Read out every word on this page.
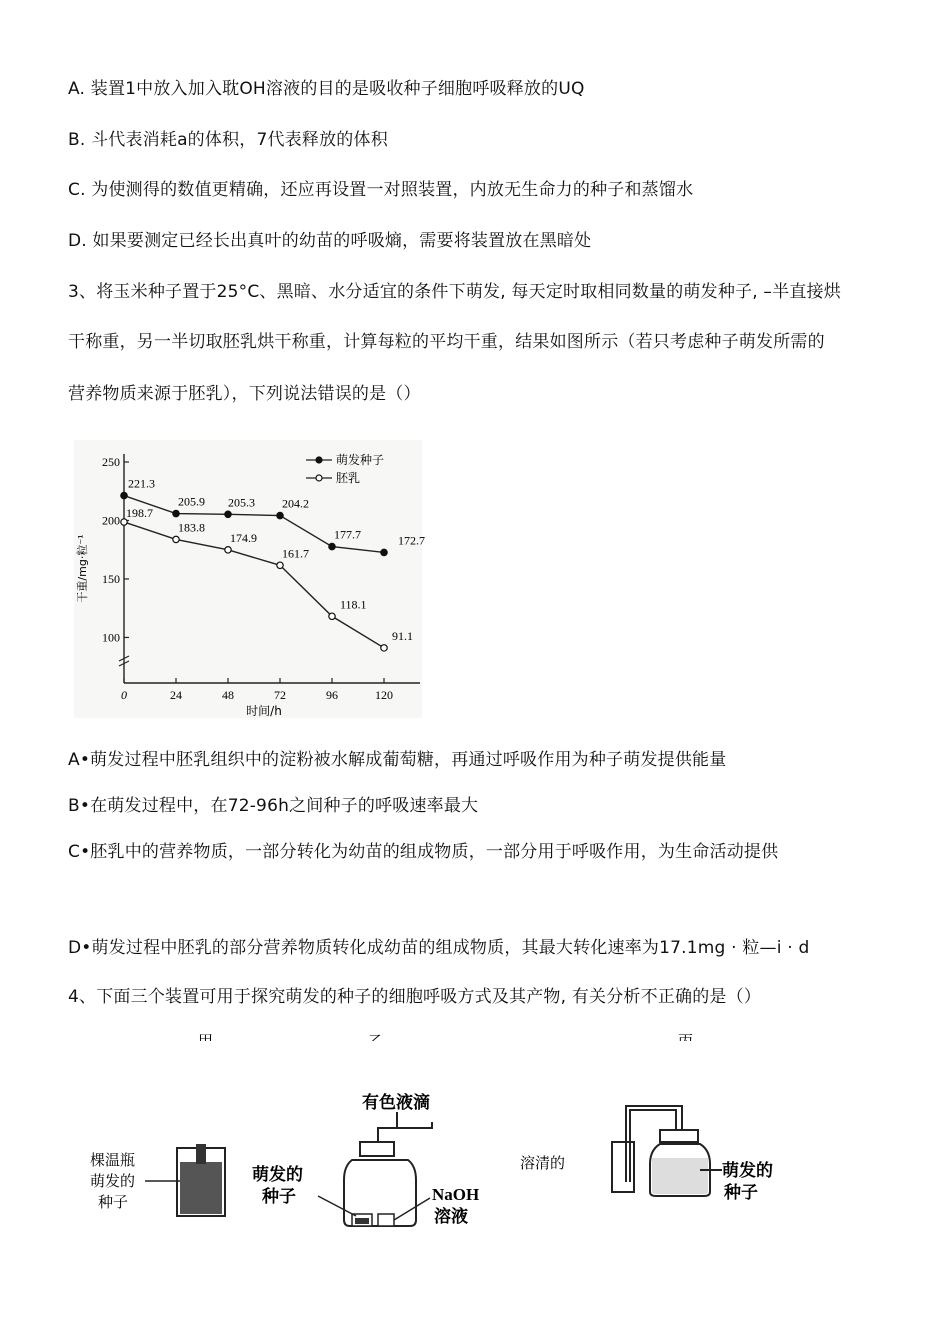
A. 装置1中放入加入耽OH溶液的目的是吸收种子细胞呼吸释放的UQ
B. 斗代表消耗a的体积，7代表释放的体积
C. 为使测得的数值更精确，还应再设置一对照装置，内放无生命力的种子和蒸馏水
D. 如果要测定已经长出真叶的幼苗的呼吸熵，需要将装置放在黑暗处
3、将玉米种子置于25°C、黑暗、水分适宜的条件下萌发, 每天定时取相同数量的萌发种子, –半直接烘
干称重，另一半切取胚乳烘干称重，计算每粒的平均干重，结果如图所示（若只考虑种子萌发所需的
营养物质来源于胚乳），下列说法错误的是（）
100
150
200
250
0	24	48	72	96	120
时间/h
干重/mg·粒⁻¹
221.3
205.9 205.3 204.2
177.7	172.7
198.7
183.8
174.9
161.7
118.1
91.1
萌发种子
胚乳
A•萌发过程中胚乳组织中的淀粉被水解成葡萄糖，再通过呼吸作用为种子萌发提供能量
B•在萌发过程中，在72-96h之间种子的呼吸速率最大
C•胚乳中的营养物质，一部分转化为幼苗的组成物质，一部分用于呼吸作用，为生命活动提供
D•萌发过程中胚乳的部分营养物质转化成幼苗的组成物质，其最大转化速率为17.1mg · 粒—i · d
4、下面三个装置可用于探究萌发的种子的细胞呼吸方式及其产物, 有关分析不正确的是（）
棵温瓶
萌发的
种子
有色液滴
萌发的
种子	NaOH
溶液
溶清的	萌发的
种子
